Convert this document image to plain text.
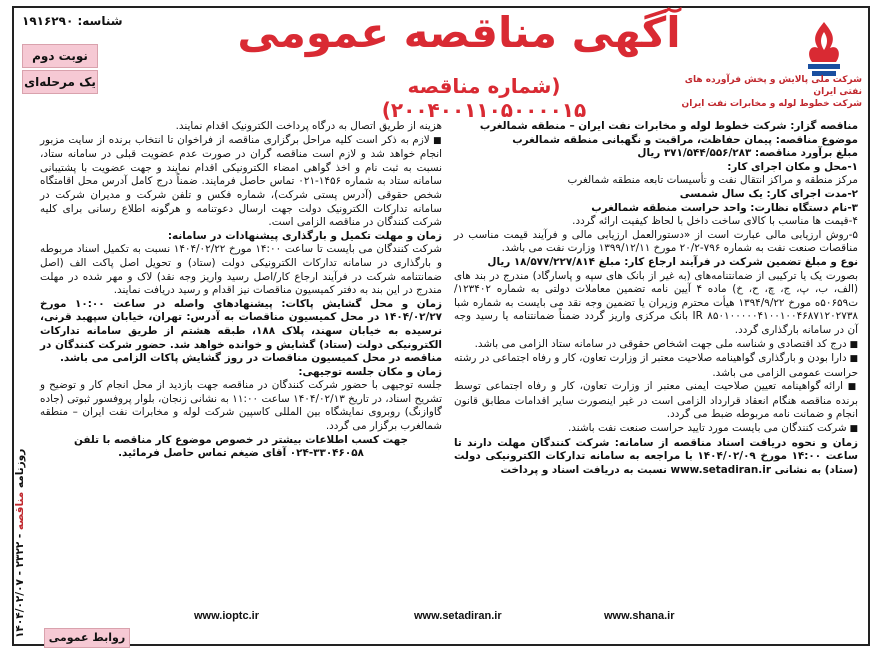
شناسه: ۱۹۱۶۲۹۰
نوبت دوم
یک مرحله‌ای
آگهی مناقصه عمومی
(شماره مناقصه ۲۰۰۴۰۰۱۱۰۵۰۰۰۰۱۵)
شرکت ملی پالایش و پخش فرآورده های نفتی ایران
شرکت خطوط لوله و مخابرات نفت ایران

مناقصه گزار: شرکت خطوط لوله و مخابرات نفت ایران – منطقه شمالغرب

موضوع مناقصه: پیمان حفاظت، مراقبت و نگهبانی منطقه شمالغرب

مبلغ برآورد مناقصه: ۳۷۱/۵۴۴/۵۵۶/۲۸۳ ریال

۱-محل و مکان اجرای کار:

مرکز منطقه و مراکز انتقال نفت و تأسیسات تابعه منطقه شمالغرب

۲-مدت اجرای کار: یک سال شمسی

۳-نام دستگاه نظارت: واحد حراست منطقه شمالغرب

۴-قیمت ها مناسب با کالای ساخت داخل با لحاظ کیفیت ارائه گردد.

۵-روش ارزیابی مالی عبارت است از «دستورالعمل ارزیابی مالی و فرآیند قیمت مناسب در مناقصات صنعت نفت به شماره ۷۹۶-۲۰/۲ مورخ ۱۳۹۹/۱۲/۱۱ وزارت نفت می باشد.

نوع و مبلغ تضمین شرکت در فرآیند ارجاع کار: مبلغ ۱۸/۵۷۷/۲۲۷/۸۱۴ ریال

بصورت یک یا ترکیبی از ضمانتنامه‌های (به غیر از بانک های سپه و پاسارگاد) مندرج در بند های (الف، ب، پ، ج، چ، ح، خ) ماده ۴ آیین نامه تضمین معاملات دولتی به شماره ۱۲۳۴۰۲/ت۵۰۶۵۹ه مورخ ۱۳۹۴/۹/۲۲ هیأت محترم وزیران یا تضمین وجه نقد می بایست به شماره شبا IR ۸۵۰۱۰۰۰۰۰۴۱۰۰۱۰۰۴۶۸۷۱۲۰۲۷۳۸ بانک مرکزی واریز گردد ضمناً ضمانتنامه یا رسید وجه آن در سامانه بارگذاری گردد.

■ درج کد اقتصادی و شناسه ملی جهت اشخاص حقوقی در سامانه ستاد الزامی می باشد.

■ دارا بودن و بارگذاری گواهینامه صلاحیت معتبر از وزارت تعاون، کار و رفاه اجتماعی در رشته حراست عمومی الزامی می باشد.

■ ارائه گواهینامه تعیین صلاحیت ایمنی معتبر از وزارت تعاون، کار و رفاه اجتماعی توسط برنده مناقصه هنگام انعقاد قرارداد الزامی است در غیر اینصورت سایر اقدامات مطابق قانون انجام و ضمانت نامه مربوطه ضبط می گردد.

■ شرکت کنندگان می بایست مورد تایید حراست صنعت نفت باشند.

زمان و نحوه دریافت اسناد مناقصه از سامانه: شرکت کنندگان مهلت دارند تا ساعت ۱۴:۰۰ مورخ ۱۴۰۴/۰۲/۰۹ با مراجعه به سامانه تدارکات الکترونیکی دولت (ستاد) به نشانی www.setadiran.ir نسبت به دریافت اسناد و پرداخت

هزینه از طریق اتصال به درگاه پرداخت الکترونیک اقدام نمایند.

■ لازم به ذکر است کلیه مراحل برگزاری مناقصه از فراخوان تا انتخاب برنده از سایت مزبور انجام خواهد شد و لازم است مناقصه گران در صورت عدم عضویت قبلی در سامانه ستاد، نسبت به ثبت نام و اخذ گواهی امضاء الکترونیکی اقدام نمایند و جهت عضویت با پشتیبانی سامانه ستاد به شماره ۱۴۵۶-۰۲۱ تماس حاصل فرمایند. ضمناً درج کامل آدرس محل اقامتگاه شخص حقوقی (آدرس پستی شرکت)، شماره فکس و تلفن شرکت و مدیران شرکت در سامانه تدارکات الکترونیک دولت جهت ارسال دعوتنامه و هرگونه اطلاع رسانی برای کلیه شرکت کنندگان در مناقصه الزامی است.

زمان و مهلت تکمیل و بارگذاری پیشنهادات در سامانه:

شرکت کنندگان می بایست تا ساعت ۱۴:۰۰ مورخ ۱۴۰۴/۰۲/۲۲ نسبت به تکمیل اسناد مربوطه و بارگذاری در سامانه تدارکات الکترونیکی دولت (ستاد) و تحویل اصل پاکت الف (اصل ضمانتنامه شرکت در فرآیند ارجاع کار/اصل رسید واریز وجه نقد) لاک و مهر شده در مهلت مندرج در این بند به دفتر کمیسیون مناقصات نیز اقدام و رسید دریافت نمایند.

زمان و محل گشایش پاکات: پیشنهادهای واصله در ساعت ۱۰:۰۰ مورخ ۱۴۰۴/۰۲/۲۷ در محل کمیسیون مناقصات به آدرس: تهران، خیابان سپهبد قرنی، نرسیده به خیابان سهند، پلاک ۱۸۸، طبقه هشتم از طریق سامانه تدارکات الکترونیکی دولت (ستاد) گشایش و خوانده خواهد شد. حضور شرکت کنندگان در مناقصه در محل کمیسیون مناقصات در روز گشایش پاکات الزامی می باشد.

زمان و مکان جلسه توجیهی:

جلسه توجیهی با حضور شرکت کنندگان در مناقصه جهت بازدید از محل انجام کار و توضیح و تشریح اسناد، در تاریخ ۱۴۰۴/۰۲/۱۳ ساعت ۱۱:۰۰ به نشانی زنجان، بلوار پروفسور ثبوتی (جاده گاوازنگ) روبروی نمایشگاه بین المللی کاسپین شرکت لوله و مخابرات نفت ایران – منطقه شمالغرب برگزار می گردد.

جهت کسب اطلاعات بیشتر در خصوص موضوع کار مناقصه با تلفن ۳۳۰۴۶۰۵۸-۰۲۴ آقای ضیغم تماس حاصل فرمائید.

www.shana.ir
www.setadiran.ir
www.ioptc.ir
روابط عمومی
روزنامه مناقصه - ۲۳۲۲ - ۱۴۰۴/۰۲/۰۷
